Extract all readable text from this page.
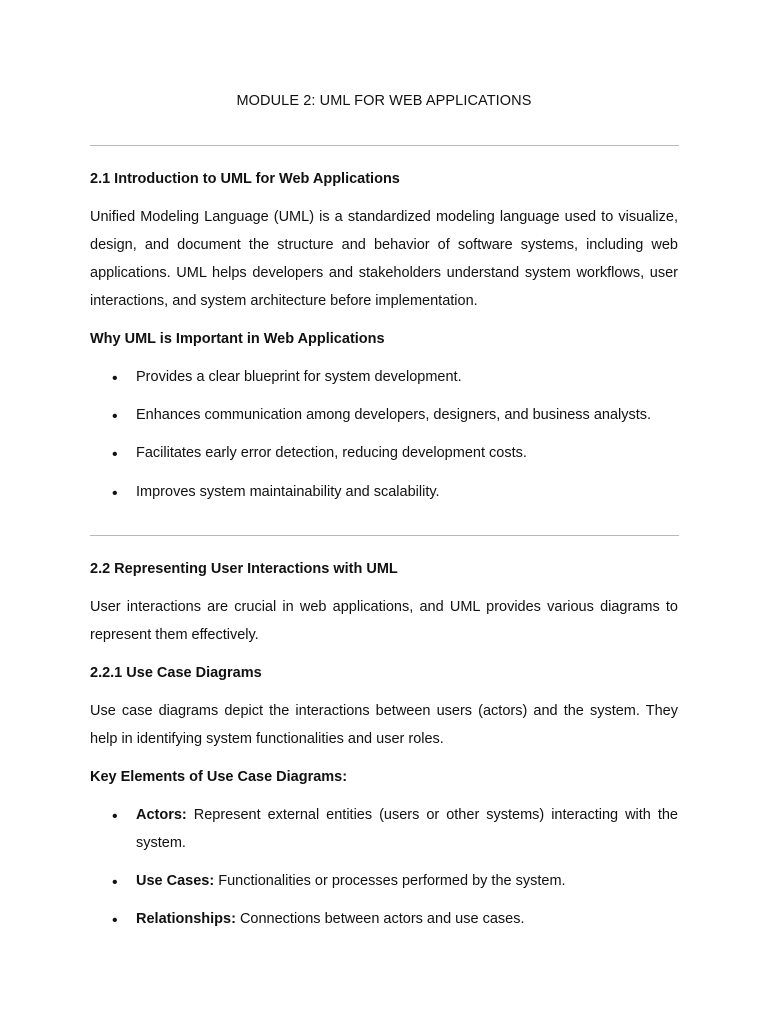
MODULE 2: UML FOR WEB APPLICATIONS
2.1 Introduction to UML for Web Applications

Unified Modeling Language (UML) is a standardized modeling language used to visualize, design, and document the structure and behavior of software systems, including web applications. UML helps developers and stakeholders understand system workflows, user interactions, and system architecture before implementation.

Why UML is Important in Web Applications
• Provides a clear blueprint for system development.

• Enhances communication among developers, designers, and business analysts.

• Facilitates early error detection, reducing development costs.

• Improves system maintainability and scalability.

2.2 Representing User Interactions with UML

User interactions are crucial in web applications, and UML provides various diagrams to represent them effectively.

2.2.1 Use Case Diagrams

Use case diagrams depict the interactions between users (actors) and the system. They help in identifying system functionalities and user roles.

Key Elements of Use Case Diagrams:
• Actors: Represent external entities (users or other systems) interacting with the system.

• Use Cases: Functionalities or processes performed by the system.

• Relationships: Connections between actors and use cases.
